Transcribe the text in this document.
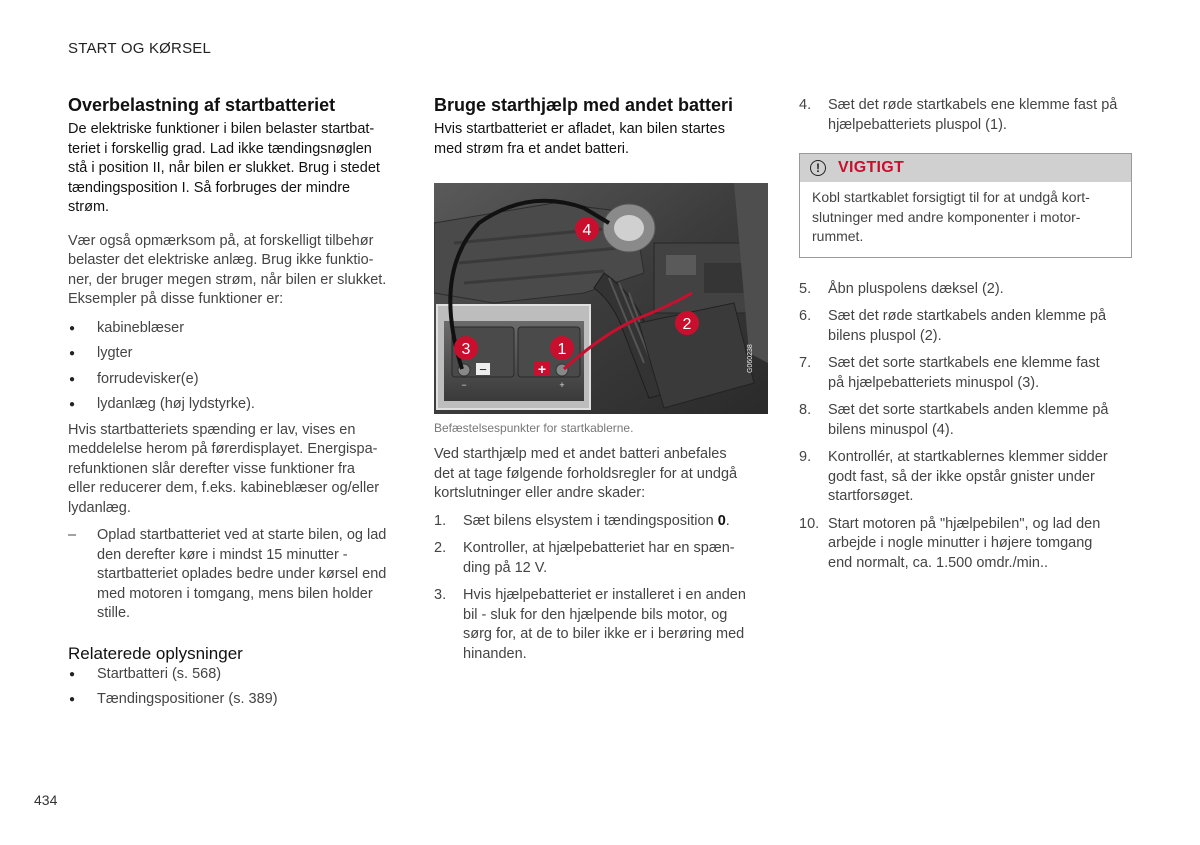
START OG KØRSEL
Overbelastning af startbatteriet

De elektriske funktioner i bilen belaster startbat-
teriet i forskellig grad. Lad ikke tændingsnøglen
stå i position II, når bilen er slukket. Brug i stedet
tændingsposition I. Så forbruges der mindre
strøm.

Vær også opmærksom på, at forskelligt tilbehør
belaster det elektriske anlæg. Brug ikke funktio-
ner, der bruger megen strøm, når bilen er slukket.
Eksempler på disse funktioner er:

● kabineblæser
● lygter
● forrudevisker(e)
● lydanlæg (høj lydstyrke).

Hvis startbatteriets spænding er lav, vises en
meddelelse herom på førerdisplayet. Energispa-
refunktionen slår derefter visse funktioner fra
eller reducerer dem, f.eks. kabineblæser og/eller
lydanlæg.

– Oplad startbatteriet ved at starte bilen, og lad
den derefter køre i mindst 15 minutter -
startbatteriet oplades bedre under kørsel end
med motoren i tomgang, mens bilen holder
stille.
Relaterede oplysninger
● Startbatteri (s. 568)
● Tændingspositioner (s. 389)
Bruge starthjælp med andet batteri

Hvis startbatteriet er afladet, kan bilen startes
med strøm fra et andet batteri.

−	+
−	+
4
2
3	1	G060238
Befæstelsespunkter for startkablerne.

Ved starthjælp med et andet batteri anbefales
det at tage følgende forholdsregler for at undgå
kortslutninger eller andre skader:

1. Sæt bilens elsystem i tændingsposition 0.
2. Kontroller, at hjælpebatteriet har en spæn-
ding på 12 V.
3. Hvis hjælpebatteriet er installeret i en anden
bil - sluk for den hjælpende bils motor, og
sørg for, at de to biler ikke er i berøring med
hinanden.
4. Sæt det røde startkabels ene klemme fast på
hjælpebatteriets pluspol (1).
!	VIGTIGT
Kobl startkablet forsigtigt til for at undgå kort-
slutninger med andre komponenter i motor-
rummet.
5. Åbn pluspolens dæksel (2).
6. Sæt det røde startkabels anden klemme på
bilens pluspol (2).
7. Sæt det sorte startkabels ene klemme fast
på hjælpebatteriets minuspol (3).
8. Sæt det sorte startkabels anden klemme på
bilens minuspol (4).
9. Kontrollér, at startkablernes klemmer sidder
godt fast, så der ikke opstår gnister under
startforsøget.
10. Start motoren på "hjælpebilen", og lad den
arbejde i nogle minutter i højere tomgang
end normalt, ca. 1.500 omdr./min..
434
